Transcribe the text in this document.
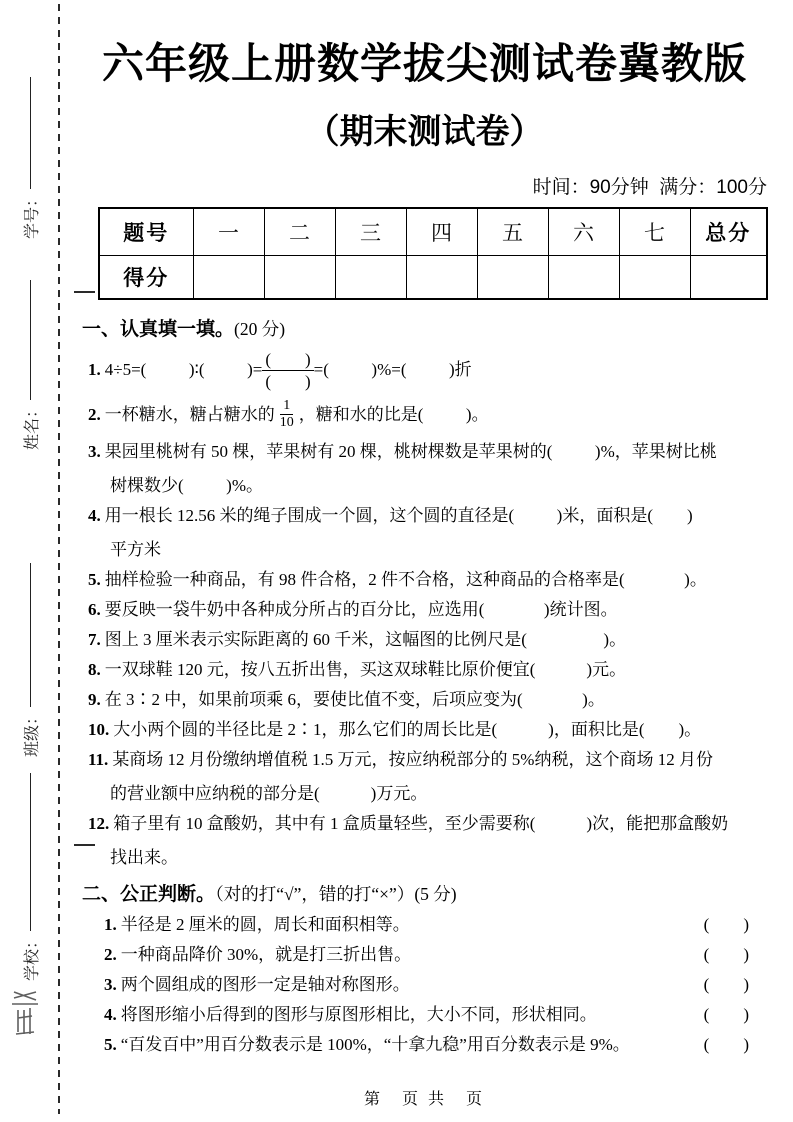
学号：
姓名：
班级：
学校：
六年级上册数学拔尖测试卷冀教版
（期末测试卷）
时间：90分钟  满分：100分
题号	一	二	三	四	五	六	七	总分
得分								
一、认真填一填。(20 分)
1. 4÷5=(          )∶(          )= $\frac{( )}{( )}$ =(          )%=(          )折
2. 一杯糖水，糖占糖水的 $\frac{1}{10}$ ，糖和水的比是(          )。
3. 果园里桃树有 50 棵，苹果树有 20 棵，桃树棵数是苹果树的(          )%，苹果树比桃
树棵数少(          )%。
4. 用一根长 12.56 米的绳子围成一个圆，这个圆的直径是(          )米，面积是(        )
平方米
5. 抽样检验一种商品，有 98 件合格，2 件不合格，这种商品的合格率是(              )。
6. 要反映一袋牛奶中各种成分所占的百分比，应选用(              )统计图。
7. 图上 3 厘米表示实际距离的 60 千米，这幅图的比例尺是(                  )。
8. 一双球鞋 120 元，按八五折出售，买这双球鞋比原价便宜(            )元。
9. 在 3∶2 中，如果前项乘 6，要使比值不变，后项应变为(              )。
10. 大小两个圆的半径比是 2∶1，那么它们的周长比是(            )，面积比是(        )。
11. 某商场 12 月份缴纳增值税 1.5 万元，按应纳税部分的 5%纳税，这个商场 12 月份
的营业额中应纳税的部分是(            )万元。
12. 箱子里有 10 盒酸奶，其中有 1 盒质量轻些，至少需要称(            )次，能把那盒酸奶
找出来。
二、公正判断。（对的打“√”，错的打“×”）(5 分)
1. 半径是 2 厘米的圆，周长和面积相等。	(        )
2. 一种商品降价 30%，就是打三折出售。	(        )
3. 两个圆组成的图形一定是轴对称图形。	(        )
4. 将图形缩小后得到的图形与原图形相比，大小不同，形状相同。	(        )
5. “百发百中”用百分数表示是 100%，“十拿九稳”用百分数表示是 9%。	(        )
第　页 共　页
